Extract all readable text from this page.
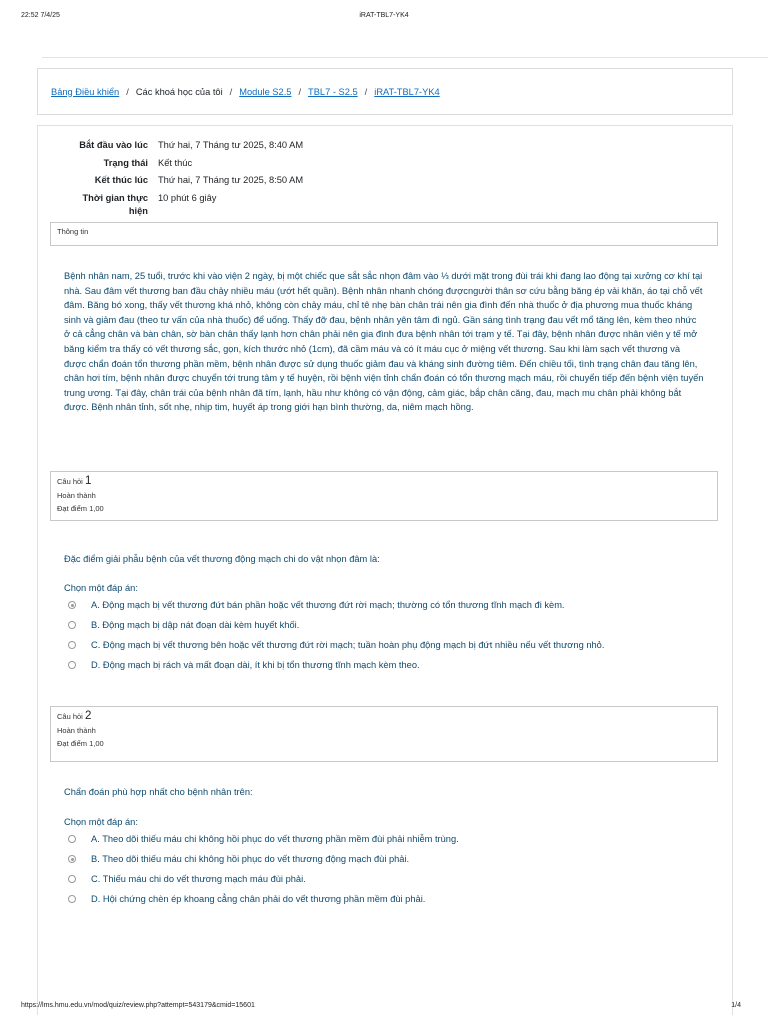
22:52 7/4/25	iRAT-TBL7-YK4
Bảng Điều khiển / Các khoá học của tôi / Module S2.5 / TBL7 - S2.5 / iRAT-TBL7-YK4
Bắt đầu vào lúc	Thứ hai, 7 Tháng tư 2025, 8:40 AM
Trạng thái	Kết thúc
Kết thúc lúc	Thứ hai, 7 Tháng tư 2025, 8:50 AM
Thời gian thực
hiện
10 phút 6 giây
Thông tin
Bệnh nhân nam, 25 tuổi, trước khi vào viện 2 ngày, bị một chiếc que sắt sắc nhọn đâm vào ⅓ dưới mặt trong đùi trái khi đang lao động tại xưởng cơ khí tại nhà. Sau đâm vết thương ban đầu chảy nhiều máu (ướt hết quần). Bệnh nhân nhanh chóng đượcngười thân sơ cứu bằng băng ép vải khăn, áo tại chỗ vết đâm. Băng bó xong, thấy vết thương khá nhỏ, không còn chảy máu, chỉ tê nhẹ bàn chân trái nên gia đình đến nhà thuốc ở địa phương mua thuốc kháng sinh và giảm đau (theo tư vấn của nhà thuốc) để uống. Thấy đỡ đau, bệnh nhân yên tâm đi ngủ. Gần sáng tình trạng đau vết mổ tăng lên, kèm theo nhức ở cả cẳng chân và bàn chân, sờ bàn chân thấy lạnh hơn chân phải nên gia đình đưa bệnh nhân tới trạm y tế. Tại đây, bệnh nhân được nhân viên y tế mở băng kiểm tra thấy có vết thương sắc, gọn, kích thước nhỏ (1cm), đã cầm máu và có ít máu cục ở miệng vết thương. Sau khi làm sạch vết thương và được chẩn đoán tổn thương phần mềm, bệnh nhân được sử dụng thuốc giảm đau và kháng sinh đường tiêm. Đến chiều tối, tình trạng chân đau tăng lên, chân hơi tím, bệnh nhân được chuyển tới trung tâm y tế huyện, rồi bệnh viện tỉnh chẩn đoán có tổn thương mạch máu, rồi chuyển tiếp đến bệnh viện tuyến trung ương. Tại đây, chân trái của bệnh nhân đã tím, lạnh, hầu như không có vận động, cảm giác, bắp chân căng, đau, mạch mu chân phải không bắt được. Bệnh nhân tỉnh, sốt nhẹ, nhịp tim, huyết áp trong giới hạn bình thường, da, niêm mạch hồng.
Câu hỏi 1
Hoàn thành
Đạt điểm 1,00
Đặc điểm giải phẫu bệnh của vết thương động mạch chi do vật nhọn đâm là:
Chọn một đáp án:
A. Động mạch bị vết thương đứt bán phần hoặc vết thương đứt rời mạch; thường có tổn thương tĩnh mạch đi kèm.
B. Động mạch bị dập nát đoạn dài kèm huyết khối.
C. Động mạch bị vết thương bên hoặc vết thương đứt rời mạch; tuần hoàn phụ động mạch bị đứt nhiều nếu vết thương nhỏ.
D. Động mạch bị rách và mất đoạn dài, ít khi bị tổn thương tĩnh mạch kèm theo.
Câu hỏi 2
Hoàn thành
Đạt điểm 1,00
Chẩn đoán phù hợp nhất cho bệnh nhân trên:
Chọn một đáp án:
A. Theo dõi thiếu máu chi không hồi phục do vết thương phần mềm đùi phải nhiễm trùng.
B. Theo dõi thiếu máu chi không hồi phục do vết thương động mạch đùi phải.
C. Thiếu máu chi do vết thương mạch máu đùi phải.
D. Hội chứng chèn ép khoang cẳng chân phải do vết thương phần mềm đùi phải.
https://lms.hmu.edu.vn/mod/quiz/review.php?attempt=543179&cmid=15601	1/4
